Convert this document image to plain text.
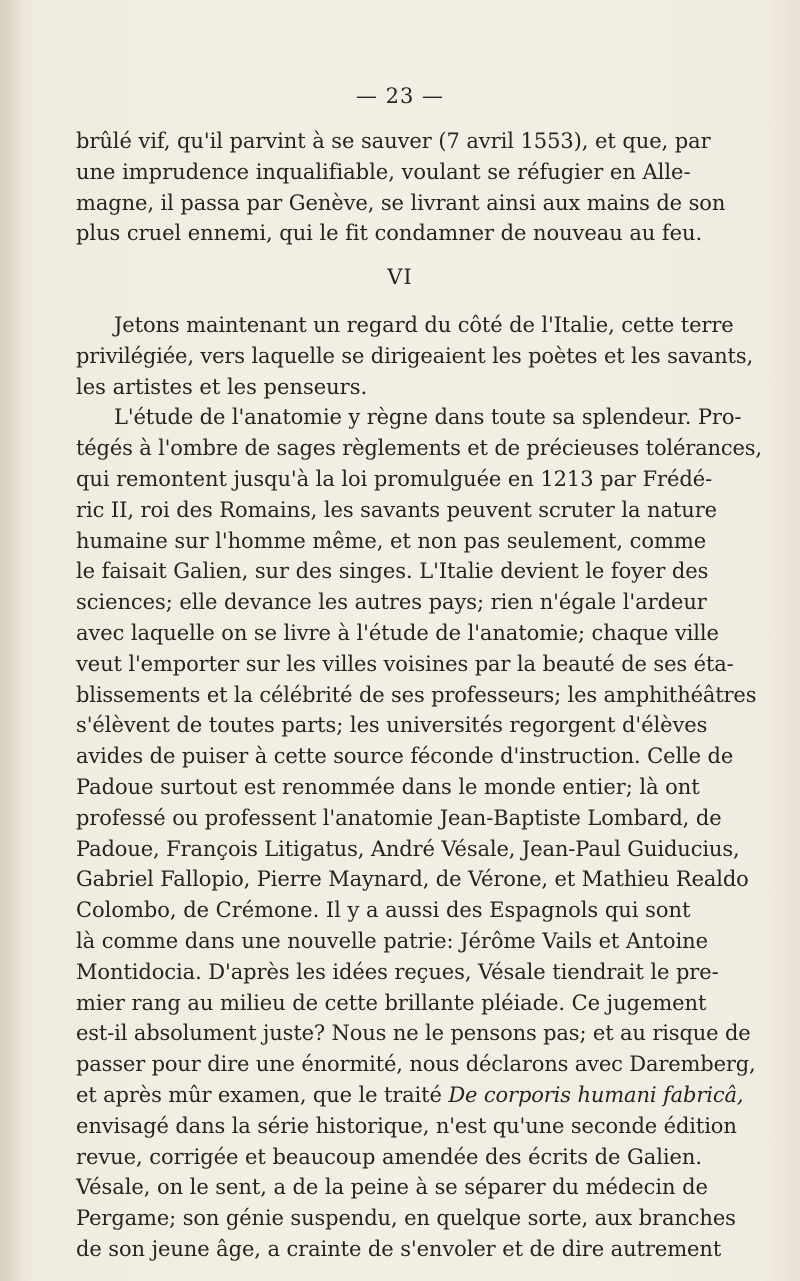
— 23 —
brûlé vif, qu'il parvint à se sauver (7 avril 1553), et que, par
une imprudence inqualifiable, voulant se réfugier en Alle-
magne, il passa par Genève, se livrant ainsi aux mains de son
plus cruel ennemi, qui le fit condamner de nouveau au feu.
VI
Jetons maintenant un regard du côté de l'Italie, cette terre
privilégiée, vers laquelle se dirigeaient les poètes et les savants,
les artistes et les penseurs.
L'étude de l'anatomie y règne dans toute sa splendeur. Pro-
tégés à l'ombre de sages règlements et de précieuses tolérances,
qui remontent jusqu'à la loi promulguée en 1213 par Frédé-
ric II, roi des Romains, les savants peuvent scruter la nature
humaine sur l'homme même, et non pas seulement, comme
le faisait Galien, sur des singes. L'Italie devient le foyer des
sciences; elle devance les autres pays; rien n'égale l'ardeur
avec laquelle on se livre à l'étude de l'anatomie; chaque ville
veut l'emporter sur les villes voisines par la beauté de ses éta-
blissements et la célébrité de ses professeurs; les amphithéâtres
s'élèvent de toutes parts; les universités regorgent d'élèves
avides de puiser à cette source féconde d'instruction. Celle de
Padoue surtout est renommée dans le monde entier; là ont
professé ou professent l'anatomie Jean-Baptiste Lombard, de
Padoue, François Litigatus, André Vésale, Jean-Paul Guiducius,
Gabriel Fallopio, Pierre Maynard, de Vérone, et Mathieu Realdo
Colombo, de Crémone. Il y a aussi des Espagnols qui sont
là comme dans une nouvelle patrie: Jérôme Vails et Antoine
Montidocia. D'après les idées reçues, Vésale tiendrait le pre-
mier rang au milieu de cette brillante pléiade. Ce jugement
est-il absolument juste? Nous ne le pensons pas; et au risque de
passer pour dire une énormité, nous déclarons avec Daremberg,
et après mûr examen, que le traité De corporis humani fabricâ,
envisagé dans la série historique, n'est qu'une seconde édition
revue, corrigée et beaucoup amendée des écrits de Galien.
Vésale, on le sent, a de la peine à se séparer du médecin de
Pergame; son génie suspendu, en quelque sorte, aux branches
de son jeune âge, a crainte de s'envoler et de dire autrement
